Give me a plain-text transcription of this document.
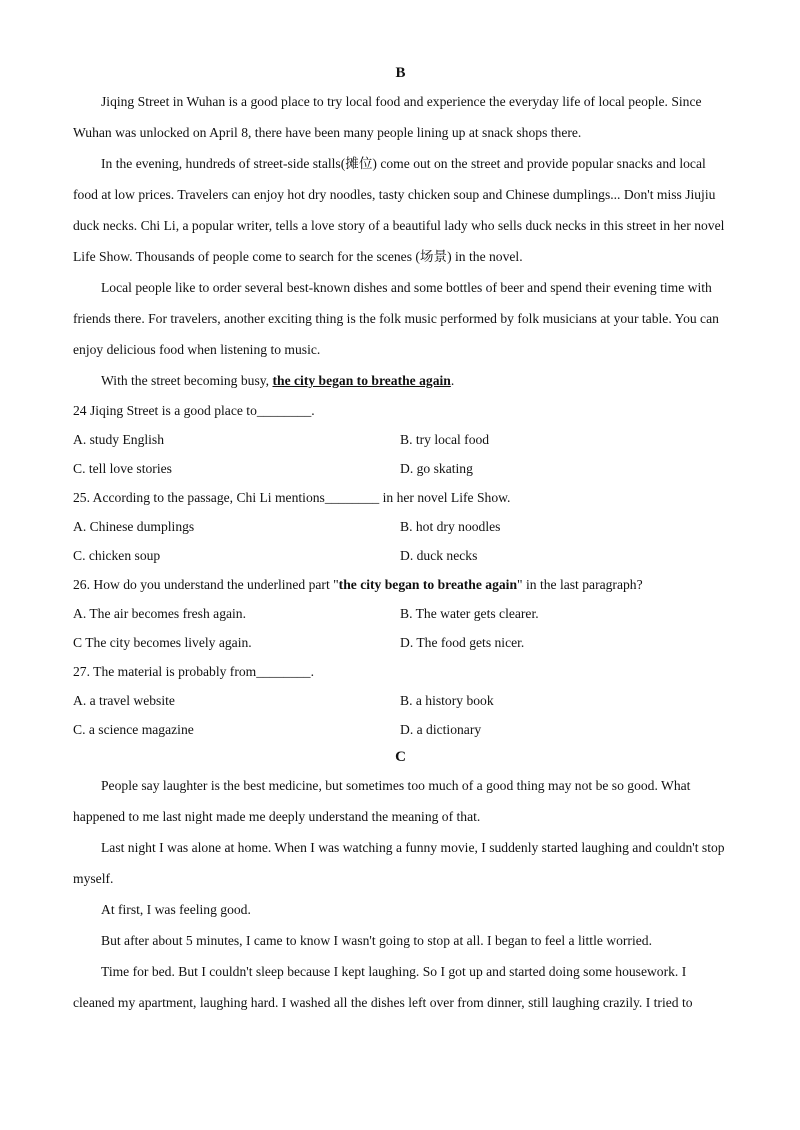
B

Jiqing Street in Wuhan is a good place to try local food and experience the everyday life of local people. Since Wuhan was unlocked on April 8, there have been many people lining up at snack shops there.

In the evening, hundreds of street-side stalls(摊位) come out on the street and provide popular snacks and local food at low prices. Travelers can enjoy hot dry noodles, tasty chicken soup and Chinese dumplings... Don't miss Jiujiu duck necks. Chi Li, a popular writer, tells a love story of a beautiful lady who sells duck necks in this street in her novel Life Show. Thousands of people come to search for the scenes (场景) in the novel.

Local people like to order several best-known dishes and some bottles of beer and spend their evening time with friends there. For travelers, another exciting thing is the folk music performed by folk musicians at your table. You can enjoy delicious food when listening to music.

With the street becoming busy, the city began to breathe again.

24 Jiqing Street is a good place to________.

A. study English	B. try local food
C. tell love stories	D. go skating

25. According to the passage, Chi Li mentions________ in her novel Life Show.

A. Chinese dumplings	B. hot dry noodles
C. chicken soup	D. duck necks

26. How do you understand the underlined part "the city began to breathe again" in the last paragraph?

A. The air becomes fresh again.	B. The water gets clearer.
C The city becomes lively again.	D. The food gets nicer.

27. The material is probably from________.

A. a travel website	B. a history book
C. a science magazine	D. a dictionary
C

People say laughter is the best medicine, but sometimes too much of a good thing may not be so good. What happened to me last night made me deeply understand the meaning of that.

Last night I was alone at home. When I was watching a funny movie, I suddenly started laughing and couldn't stop myself.

At first, I was feeling good.

But after about 5 minutes, I came to know I wasn't going to stop at all. I began to feel a little worried.

Time for bed. But I couldn't sleep because I kept laughing. So I got up and started doing some housework. I cleaned my apartment, laughing hard. I washed all the dishes left over from dinner, still laughing crazily. I tried to
